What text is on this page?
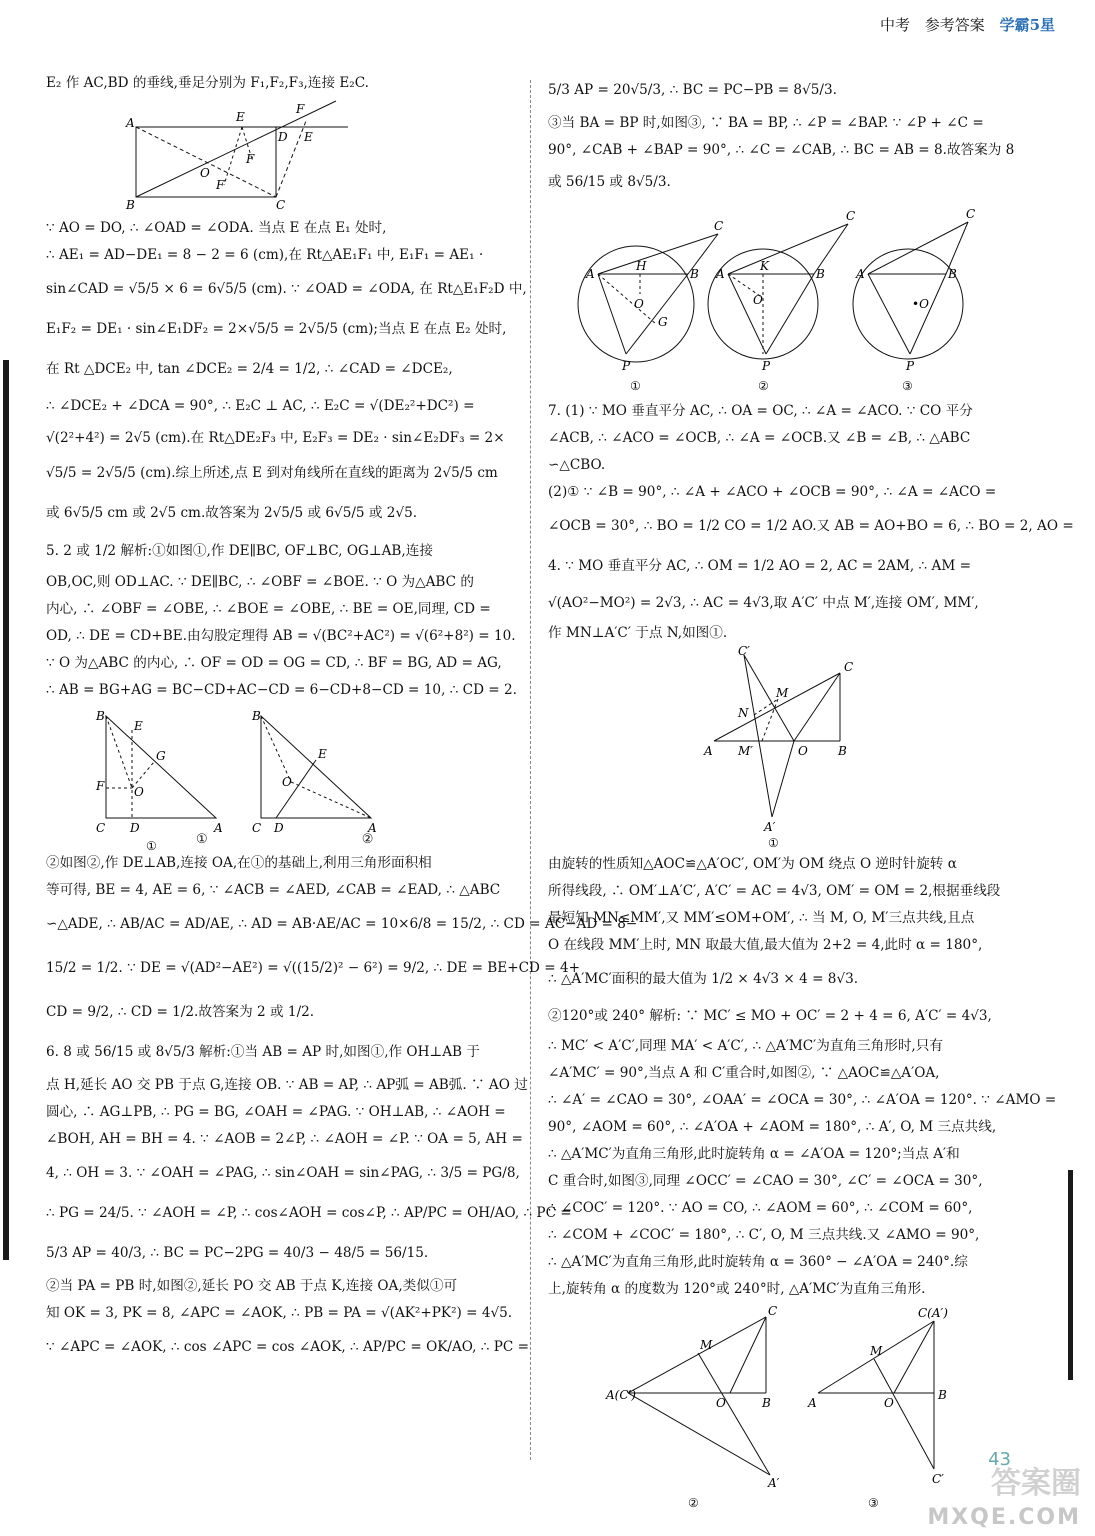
中考 参考答案 学霸5星

E₂ 作 AC,BD 的垂线,垂足分别为 F₁,F₂,F₃,连接 E₂C.

A
B	C
D
E
E
F
F
F
O

∵ AO = DO, ∴ ∠OAD = ∠ODA. 当点 E 在点 E₁ 处时,

∴ AE₁ = AD−DE₁ = 8 − 2 = 6 (cm),在 Rt△AE₁F₁ 中, E₁F₁ = AE₁ ·

sin∠CAD = √5/5 × 6 = 6√5/5 (cm). ∵ ∠OAD = ∠ODA, 在 Rt△E₁F₂D 中,

E₁F₂ = DE₁ · sin∠E₁DF₂ = 2×√5/5 = 2√5/5 (cm);当点 E 在点 E₂ 处时,

在 Rt △DCE₂ 中, tan ∠DCE₂ = 2/4 = 1/2, ∴ ∠CAD = ∠DCE₂,

∴ ∠DCE₂ + ∠DCA = 90°, ∴ E₂C ⊥ AC, ∴ E₂C = √(DE₂²+DC²) =

√(2²+4²) = 2√5 (cm).在 Rt△DE₂F₃ 中, E₂F₃ = DE₂ · sin∠E₂DF₃ = 2×

√5/5 = 2√5/5 (cm).综上所述,点 E 到对角线所在直线的距离为 2√5/5 cm

或 6√5/5 cm 或 2√5 cm.故答案为 2√5/5 或 6√5/5 或 2√5.

5. 2 或 1/2 解析:①如图①,作 DE∥BC, OF⊥BC, OG⊥AB,连接

OB,OC,则 OD⊥AC. ∵ DE∥BC, ∴ ∠OBF = ∠BOE. ∵ O 为△ABC 的

内心, ∴ ∠OBF = ∠OBE, ∴ ∠BOE = ∠OBE, ∴ BE = OE,同理, CD =

OD, ∴ DE = CD+BE.由勾股定理得 AB = √(BC²+AC²) = √(6²+8²) = 10.

∵ O 为△ABC 的内心, ∴ OF = OD = OG = CD, ∴ BF = BG, AD = AG,

∴ AB = BG+AG = BC−CD+AC−CD = 6−CD+8−CD = 10, ∴ CD = 2.

B
C D	A
F O
E
G
①
B
C D	A
E
O

①	②

②如图②,作 DE⊥AB,连接 OA,在①的基础上,利用三角形面积相

等可得, BE = 4, AE = 6, ∵ ∠ACB = ∠AED, ∠CAB = ∠EAD, ∴ △ABC

∽△ADE, ∴ AB/AC = AD/AE, ∴ AD = AB·AE/AC = 10×6/8 = 15/2, ∴ CD = AC−AD = 8−

15/2 = 1/2. ∵ DE = √(AD²−AE²) = √((15/2)² − 6²) = 9/2, ∴ DE = BE+CD = 4+

CD = 9/2, ∴ CD = 1/2.故答案为 2 或 1/2.

6. 8 或 56/15 或 8√5/3 解析:①当 AB = AP 时,如图①,作 OH⊥AB 于

点 H,延长 AO 交 PB 于点 G,连接 OB. ∵ AB = AP, ∴ AP弧 = AB弧. ∵ AO 过

圆心, ∴ AG⊥PB, ∴ PG = BG, ∠OAH = ∠PAG. ∵ OH⊥AB, ∴ ∠AOH =

∠BOH, AH = BH = 4. ∵ ∠AOB = 2∠P, ∴ ∠AOH = ∠P. ∵ OA = 5, AH =

4, ∴ OH = 3. ∵ ∠OAH = ∠PAG, ∴ sin∠OAH = sin∠PAG, ∴ 3/5 = PG/8,

∴ PG = 24/5. ∵ ∠AOH = ∠P, ∴ cos∠AOH = cos∠P, ∴ AP/PC = OH/AO, ∴ PC =

5/3 AP = 40/3, ∴ BC = PC−2PG = 40/3 − 48/5 = 56/15.

②当 PA = PB 时,如图②,延长 PO 交 AB 于点 K,连接 OA,类似①可

知 OK = 3, PK = 8, ∠APC = ∠AOK, ∴ PB = PA = √(AK²+PK²) = 4√5.

∵ ∠APC = ∠AOK, ∴ cos ∠APC = cos ∠AOK, ∴ AP/PC = OK/AO, ∴ PC =

5/3 AP = 20√5/3, ∴ BC = PC−PB = 8√5/3.

③当 BA = BP 时,如图③, ∵ BA = BP, ∴ ∠P = ∠BAP. ∵ ∠P + ∠C =

90°, ∠CAB + ∠BAP = 90°, ∴ ∠C = ∠CAB, ∴ BC = AB = 8.故答案为 8

或 56/15 或 8√5/3.

A	B
C
H
O
G
P
A	B
C
K
O
P
A	B
C
•O
P
①	②	③

7. (1) ∵ MO 垂直平分 AC, ∴ OA = OC, ∴ ∠A = ∠ACO. ∵ CO 平分

∠ACB, ∴ ∠ACO = ∠OCB, ∴ ∠A = ∠OCB.又 ∠B = ∠B, ∴ △ABC

∽△CBO.

(2)① ∵ ∠B = 90°, ∴ ∠A + ∠ACO + ∠OCB = 90°, ∴ ∠A = ∠ACO =

∠OCB = 30°, ∴ BO = 1/2 CO = 1/2 AO.又 AB = AO+BO = 6, ∴ BO = 2, AO =

4. ∵ MO 垂直平分 AC, ∴ OM = 1/2 AO = 2, AC = 2AM, ∴ AM =

√(AO²−MO²) = 2√3, ∴ AC = 4√3,取 A′C′ 中点 M′,连接 OM′, MM′,

作 MN⊥A′C′ 于点 N,如图①.

C′
C
M
N
A M′	O	B
A′
①

由旋转的性质知△AOC≌△A′OC′, OM′为 OM 绕点 O 逆时针旋转 α

所得线段, ∴ OM′⊥A′C′, A′C′ = AC = 4√3, OM′ = OM = 2,根据垂线段

最短知 MN≤MM′,又 MM′≤OM+OM′, ∴ 当 M, O, M′三点共线,且点

O 在线段 MM′上时, MN 取最大值,最大值为 2+2 = 4,此时 α = 180°,

∴ △A′MC′面积的最大值为 1/2 × 4√3 × 4 = 8√3.

②120°或 240° 解析: ∵ MC′ ≤ MO + OC′ = 2 + 4 = 6, A′C′ = 4√3,

∴ MC′ < A′C′,同理 MA′ < A′C′, ∴ △A′MC′为直角三角形时,只有

∠A′MC′ = 90°,当点 A 和 C′重合时,如图②, ∵ △AOC≌△A′OA,

∴ ∠A′ = ∠CAO = 30°, ∠OAA′ = ∠OCA = 30°, ∴ ∠A′OA = 120°. ∵ ∠AMO =

90°, ∠AOM = 60°, ∴ ∠A′OA + ∠AOM = 180°, ∴ A′, O, M 三点共线,

∴ △A′MC′为直角三角形,此时旋转角 α = ∠A′OA = 120°;当点 A′和

C 重合时,如图③,同理 ∠OCC′ = ∠CAO = 30°, ∠C′ = ∠OCA = 30°,

∴ ∠COC′ = 120°. ∵ AO = CO, ∴ ∠AOM = 60°, ∴ ∠COM = 60°,

∴ ∠COM + ∠COC′ = 180°, ∴ C′, O, M 三点共线.又 ∠AMO = 90°,

∴ △A′MC′为直角三角形,此时旋转角 α = 360° − ∠A′OA = 240°.综

上,旋转角 α 的度数为 120°或 240°时, △A′MC′为直角三角形.

A(C′)
C
M
O	B
A′
A
C(A′)
M
O
B
C′
②	③
43
答案圈
MXQE.COM
